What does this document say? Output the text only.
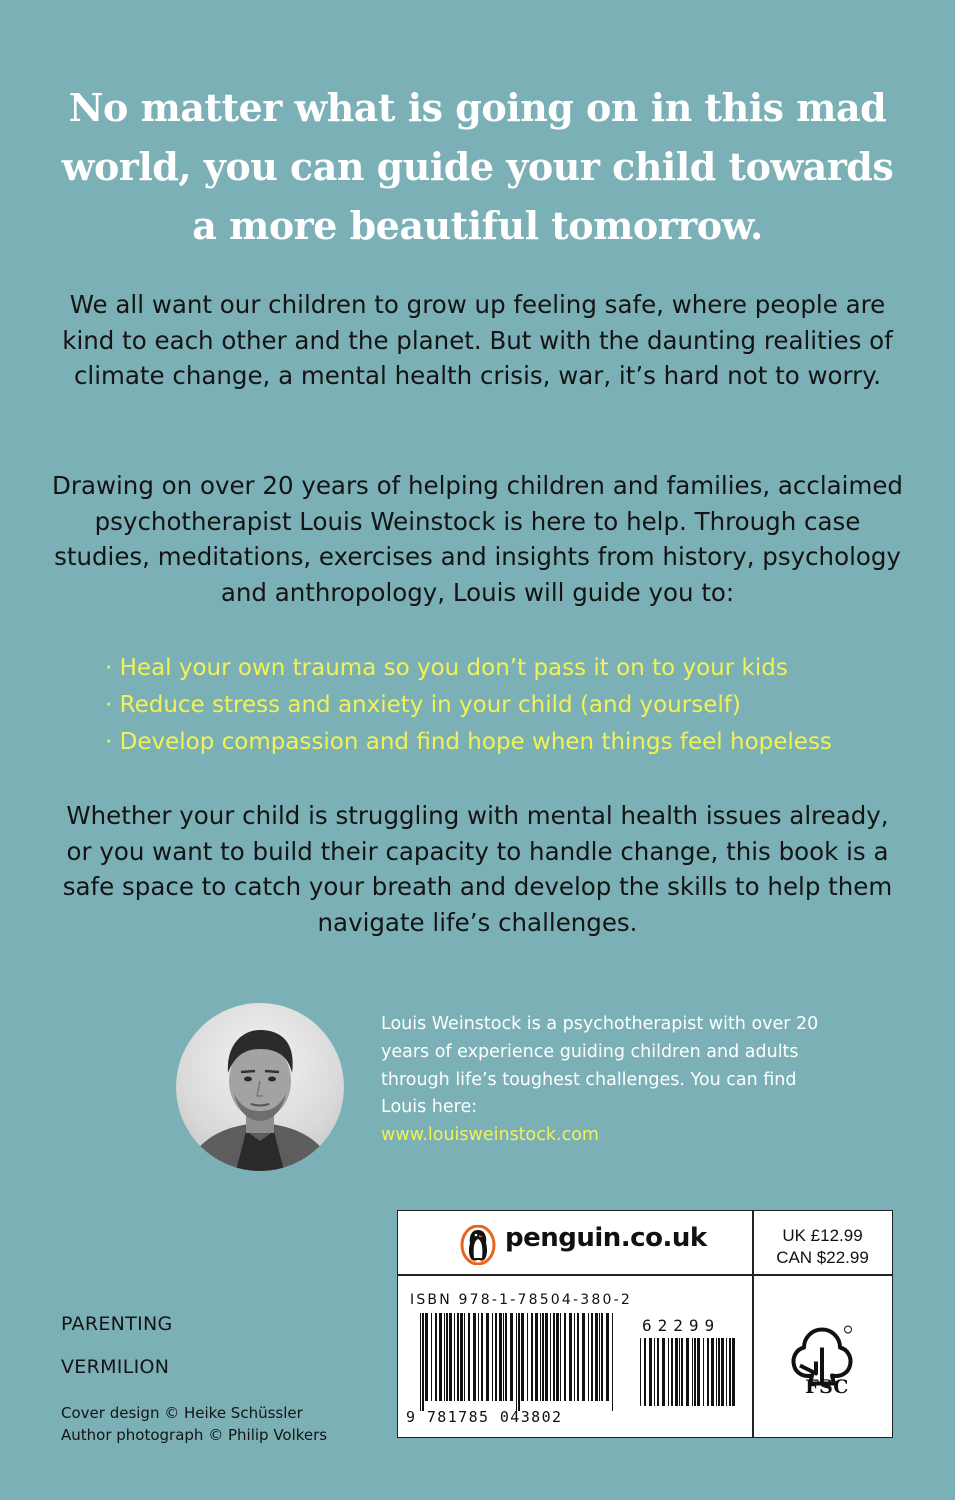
No matter what is going on in this mad
world, you can guide your child towards
a more beautiful tomorrow.

We all want our children to grow up feeling safe, where people are kind to each other and the planet. But with the daunting realities of climate change, a mental health crisis, war, it’s hard not to worry.

Drawing on over 20 years of helping children and families, acclaimed psychotherapist Louis Weinstock is here to help. Through case studies, meditations, exercises and insights from history, psychology and anthropology, Louis will guide you to:

· Heal your own trauma so you don’t pass it on to your kids
· Reduce stress and anxiety in your child (and yourself)
· Develop compassion and find hope when things feel hopeless

Whether your child is struggling with mental health issues already, or you want to build their capacity to handle change, this book is a safe space to catch your breath and develop the skills to help them navigate life’s challenges.

Louis Weinstock is a psychotherapist with over 20 years of experience guiding children and adults through life’s toughest challenges. You can find Louis here:
www.louisweinstock.com
PARENTING
VERMILION
Cover design © Heike Schüssler
Author photograph © Philip Volkers
penguin.co.uk	UK £12.99
CAN $22.99
ISBN 978-1-78504-380-2
9 781785 043802
62299
FSC
